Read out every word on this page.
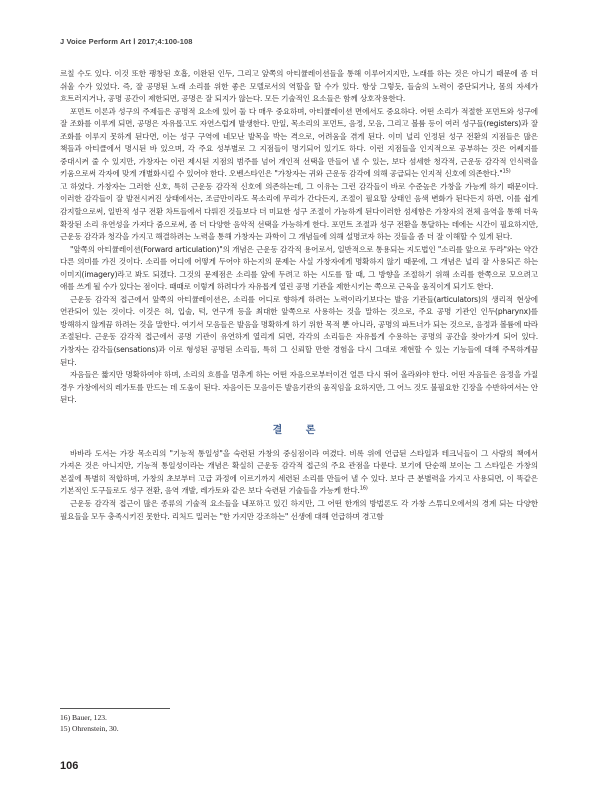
J Voice Perform Art Ⅰ 2017;4:100-108

르칠 수도 있다. 이것 또한 팽창된 호흡, 이완된 인두, 그리고 앞쪽의 아티큘레이션들을 통해 이루어지지만, 노래를 하는 것은 아니기 때문에 좀 더 쉬울 수가 있었다. 즉, 잘 공명된 노래 소리를 위한 좋은 모델로서의 역할을 할 수가 있다. 항상 그렇듯, 들숨의 노력이 중단되거나, 몸의 자세가 흐트러지거나, 공명 공간이 제한되면, 공명은 잘 되지가 않는다. 모든 기술적인 요소들은 함께 상호작용한다.

포먼트 이론과 성구의 주제들은 공명적 요소에 있어 둘 다 매우 중요하며, 아티큘레이션 면에서도 중요하다. 어떤 소리가 적절한 포먼트와 성구에 잘 조화를 이루게 되면, 공명은 자유롭고도 자연스럽게 발생한다. 만일, 목소리의 포먼트, 음정, 모음, 그리고 볼륨 등이 여러 성구들(registers)과 잘 조화를 이루지 못하게 된다면, 이는 성구 구역에 네모난 발목을 박는 격으로, 어려움을 겪게 된다. 이미 널리 인정된 성구 전환의 지점들은 많은 책들과 아티클에서 명시된 바 있으며, 각 주요 성부별로 그 지점들이 명기되어 있기도 하다. 이런 지점들을 인지적으로 공부하는 것은 어쎄지를 중대시켜 줄 수 있지만, 가창자는 이런 제시된 지점의 범주를 넘어 개인적 선택을 만들어 낼 수 있는, 보다 섬세한 청각적, 근운동 감각적 인식력을 키움으로써 각자에 맞게 개별화시킬 수 있어야 한다. 오벤스타인은 "가창자는 귀와 근운동 감각에 의해 공급되는 인지적 신호에 의존한다."$^{15)}$

고 하였다. 가창자는 그러한 신호, 특히 근운동 감각적 신호에 의존하는데, 그 이유는 그런 감각들이 바로 수준높은 가창을 가능케 하기 때문이다. 이러한 감각들이 잘 발전시켜진 상태에서는, 조금만이라도 목소리에 무리가 간다든지, 조절이 필요할 상태인 음색 변화가 된다든지 하면, 이를 쉽게 감지할으로써, 일반적 성구 전환 차트들에서 다뤄진 것들보다 더 미묘한 성구 조절이 가능하게 된다이러한 섬세함은 가창자의 전체 음역을 통해 더욱 확장된 소리 유연성을 가져다 줌으로써, 좀 더 다양한 음악적 선택을 가능하게 한다. 포먼트 조절과 성구 전환을 통달하는 데에는 시간이 필요하지만, 근운동 감각과 청각을 가지고 해결하려는 노력을 통해 가창자는 과학이 그 개념들에 의해 설명코자 하는 것들을 좀 더 잘 이해할 수 있게 된다.

"앞쪽의 아티큘레이션(Forward articulation)"의 개념은 근운동 감각적 용어로서, 일반적으로 통용되는 지도법인 "소리를 앞으로 두라"와는 약간 다른 의미를 가진 것이다. 소리를 어디에 어떻게 두어야 하는지의 문제는 사실 가창자에게 명확하지 않기 때문에, 그 개념은 널리 잘 사용되곤 하는 이미지(imagery)라고 봐도 되겠다. 그것의 문제점은 소리를 앞에 두려고 하는 시도를 할 때, 그 방향을 조절하기 위해 소리를 한쪽으로 모으려고 애를 쓰게 될 수가 있다는 점이다. 때때로 이렇게 하려다가 자유롭게 열린 공명 기관을 제한시키는 쪽으로 근육을 움직이게 되기도 한다.

근운동 감각적 접근에서 앞쪽의 아티큘레이션은, 소리를 어디로 향하게 하려는 노력이라기보다는 발음 기관들(articulators)의 생리적 현상에 연관되어 있는 것이다. 이것은 혀, 입술, 턱, 연구개 등을 최대한 앞쪽으로 사용하는 것을 말하는 것으로, 주요 공명 기관인 인두(pharynx)를 방해하지 않게끔 하려는 것을 말한다. 여기서 모음들은 발음을 명확하게 하기 위한 목적 뿐 아니라, 공명의 파트너가 되는 것으로, 음정과 볼륨에 따라 조절된다. 근운동 감각적 접근에서 공명 기관이 유연하게 열리게 되면, 각각의 소리들은 자유롭게 수용하는 공명의 공간을 찾아가게 되어 있다. 가창자는 감각들(sensations)과 이로 형성된 공명된 소리들, 특히 그 신뢰할 만한 경험을 다시 그대로 재현할 수 있는 기능들에 대해 주목하게끔 된다.

자음들은 짧지만 명확하여야 하며, 소리의 흐름을 멈추게 하는 어떤 자음으로부터이건 얼른 다시 뛰어 올라와야 한다. 어떤 자음들은 음정을 가질 경우 가창에서의 레가토를 만드는 데 도움이 된다. 자음이든 모음이든 발음기관의 움직임을 요하지만, 그 어느 것도 불필요한 긴장을 수반하여서는 안 된다.

결 론

바바라 도서는 가장 목소리의 "기능적 통일성"을 숙련된 가창의 중심점이라 여겼다. 비록 위에 언급된 스타일과 테크닉들이 그 사람의 책에서 가져온 것은 아니지만, 기능적 통일성이라는 개념은 확실히 근운동 감각적 접근의 주요 관점을 다룬다. 보기에 단순해 보이는 그 스타일은 가창의 본질에 특별히 적합하며, 가창의 초보부터 고급 과정에 이르기까지 세련된 소리를 만들어 낼 수 있다. 보다 큰 분별력을 가지고 사용되면, 이 똑같은 기본적인 도구들로도 성구 전환, 음역 개발, 레가토와 같은 보다 숙련된 기술들을 가능케 한다.$^{16)}$

근운동 감각적 접근이 많은 종류의 기술적 요소들을 내포하고 있긴 하지만, 그 어떤 한개의 방법론도 각 가창 스튜디오에서의 경계 되는 다양한 필요들을 모두 충족시키진 못한다. 리처드 밀러는 "한 가지만 강조하는" 선생에 대해 언급하며 경고함

16) Bauer, 123.

15) Ohrenstein, 30.

106
